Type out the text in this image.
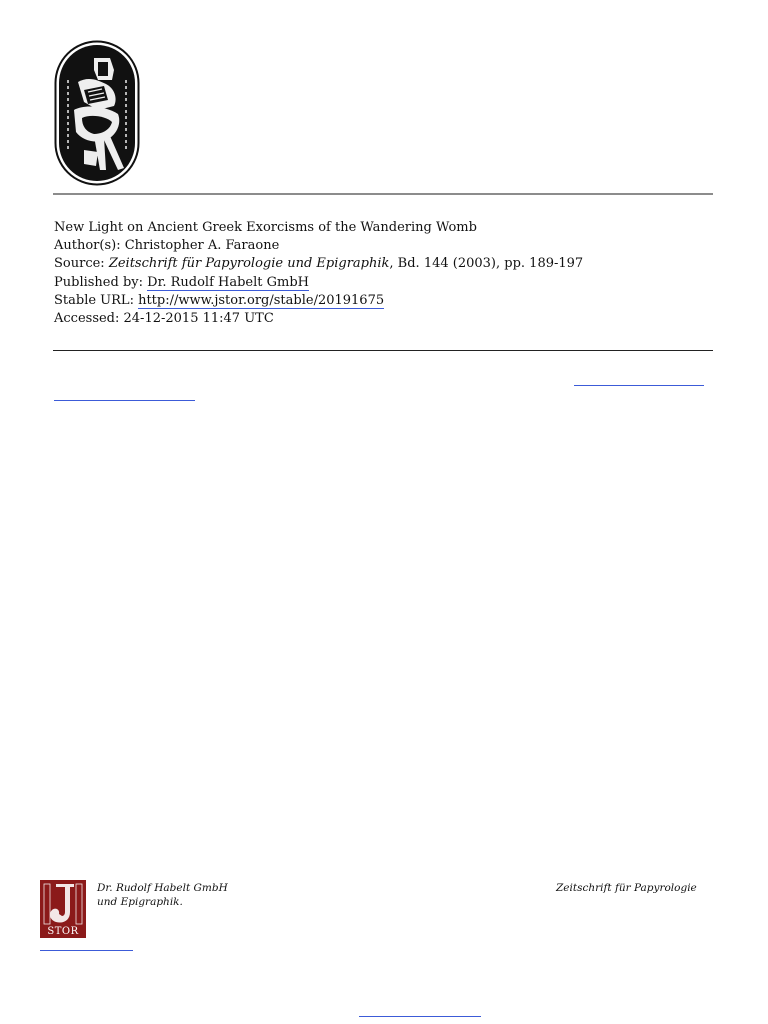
New Light on Ancient Greek Exorcisms of the Wandering Womb
Author(s): Christopher A. Faraone
Source: Zeitschrift für Papyrologie und Epigraphik, Bd. 144 (2003), pp. 189-197
Published by: Dr. Rudolf Habelt GmbH
Stable URL: http://www.jstor.org/stable/20191675
Accessed: 24-12-2015 11:47 UTC
STOR
Dr. Rudolf Habelt GmbH
und Epigraphik.
Zeitschrift für Papyrologie
